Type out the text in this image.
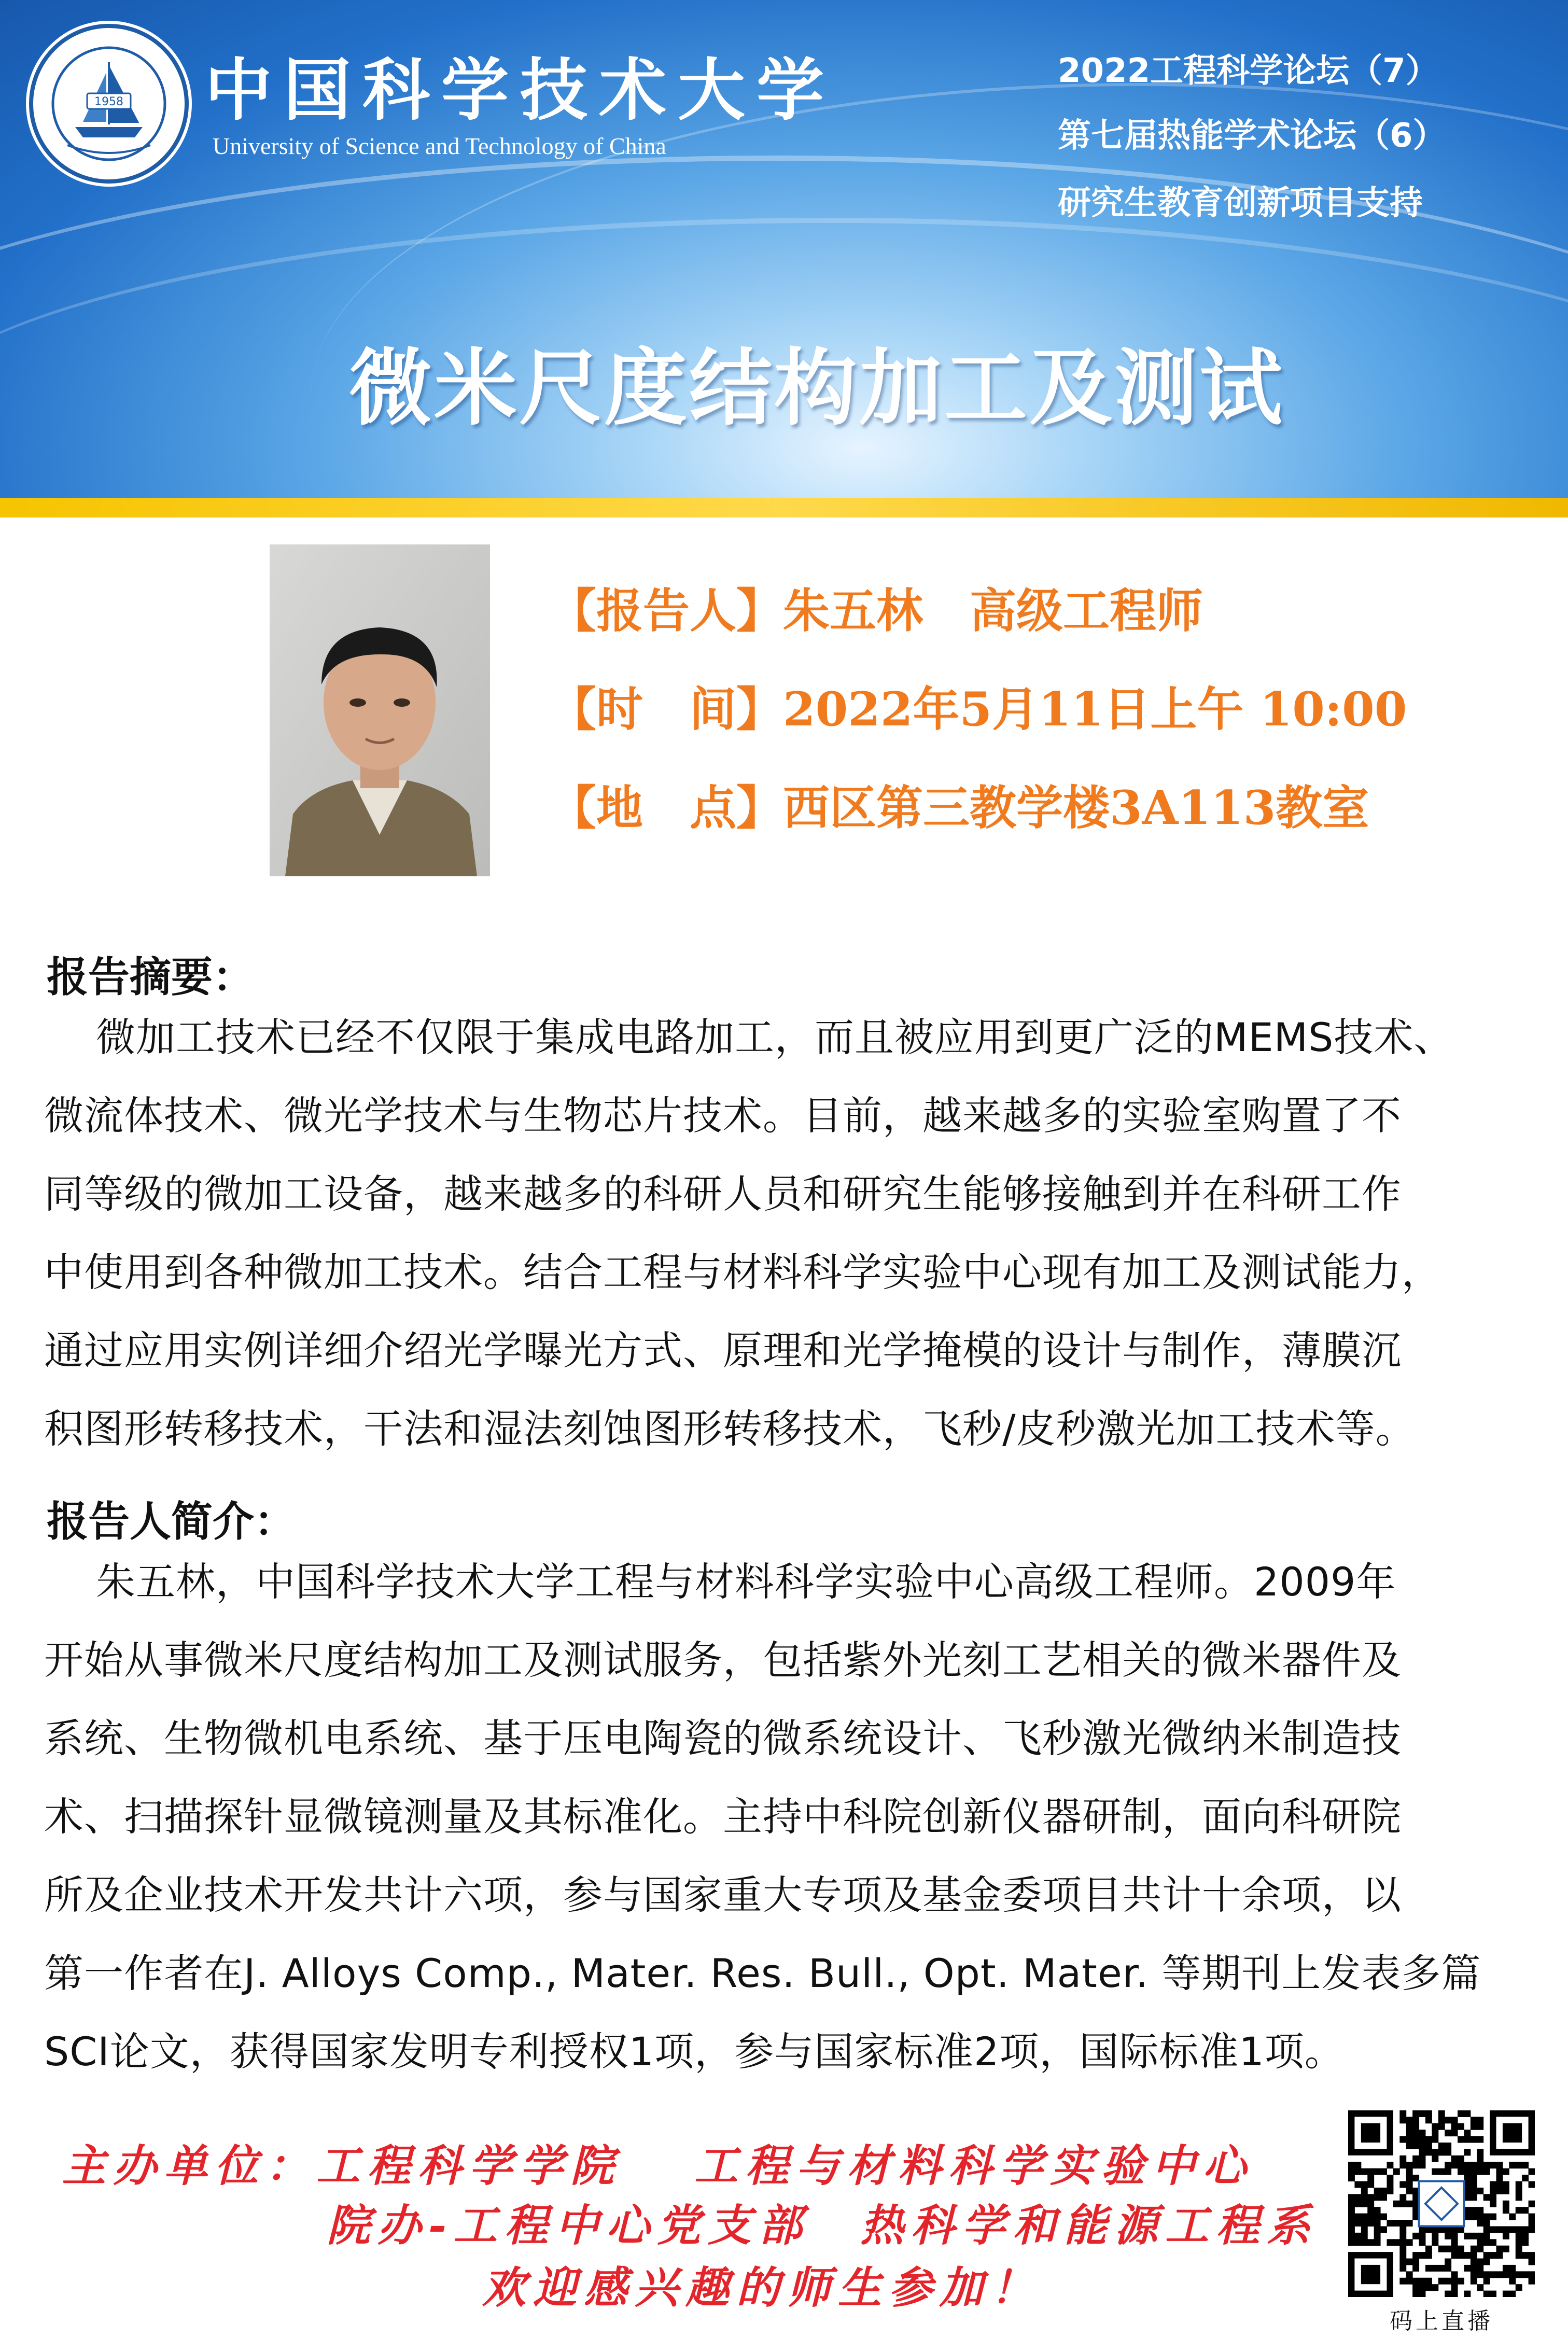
1958 中国科学技术大学
University of Science and Technology of China
2022工程科学论坛（7）
第七届热能学术论坛（6）
研究生教育创新项目支持
微米尺度结构加工及测试
【报告人】朱五林　高级工程师
【时　间】2022年5月11日上午 10:00
【地　点】西区第三教学楼3A113教室
报告摘要：
微加工技术已经不仅限于集成电路加工，而且被应用到更广泛的MEMS技术、
微流体技术、微光学技术与生物芯片技术。目前，越来越多的实验室购置了不
同等级的微加工设备，越来越多的科研人员和研究生能够接触到并在科研工作
中使用到各种微加工技术。结合工程与材料科学实验中心现有加工及测试能力，
通过应用实例详细介绍光学曝光方式、原理和光学掩模的设计与制作，薄膜沉
积图形转移技术，干法和湿法刻蚀图形转移技术，飞秒/皮秒激光加工技术等。
报告人简介：
朱五林，中国科学技术大学工程与材料科学实验中心高级工程师。2009年
开始从事微米尺度结构加工及测试服务，包括紫外光刻工艺相关的微米器件及
系统、生物微机电系统、基于压电陶瓷的微系统设计、飞秒激光微纳米制造技
术、扫描探针显微镜测量及其标准化。主持中科院创新仪器研制，面向科研院
所及企业技术开发共计六项，参与国家重大专项及基金委项目共计十余项，以
第一作者在J. Alloys Comp., Mater. Res. Bull., Opt. Mater. 等期刊上发表多篇
SCI论文，获得国家发明专利授权1项，参与国家标准2项，国际标准1项。
主办单位：工程科学学院　 工程与材料科学实验中心
院办-工程中心党支部　热科学和能源工程系
欢迎感兴趣的师生参加！
码上直播
